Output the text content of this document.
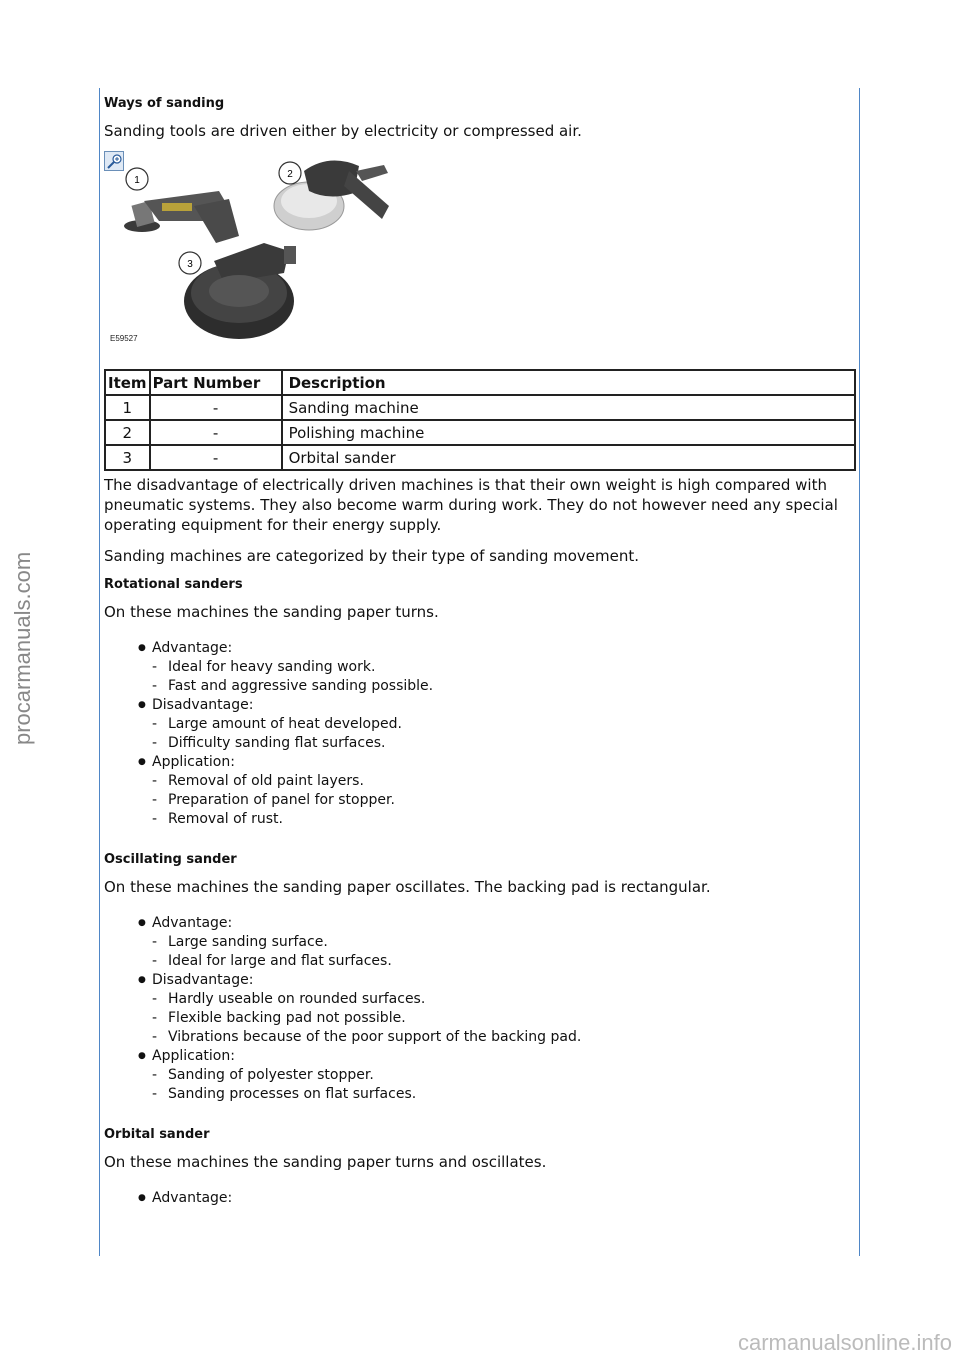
Ways of sanding
Sanding tools are driven either by electricity or compressed air.
1
2
3
E59527
Item	Part Number	Description
1	-	Sanding machine
2	-	Polishing machine
3	-	Orbital sander
The disadvantage of electrically driven machines is that their own weight is high compared with pneumatic systems. They also become warm during work. They do not however need any special operating equipment for their energy supply.
Sanding machines are categorized by their type of sanding movement.
Rotational sanders
On these machines the sanding paper turns.
● Advantage:
- Ideal for heavy sanding work.
- Fast and aggressive sanding possible.
● Disadvantage:
- Large amount of heat developed.
- Difficulty sanding flat surfaces.
● Application:
- Removal of old paint layers.
- Preparation of panel for stopper.
- Removal of rust.
Oscillating sander
On these machines the sanding paper oscillates. The backing pad is rectangular.
● Advantage:
- Large sanding surface.
- Ideal for large and flat surfaces.
● Disadvantage:
- Hardly useable on rounded surfaces.
- Flexible backing pad not possible.
- Vibrations because of the poor support of the backing pad.
● Application:
- Sanding of polyester stopper.
- Sanding processes on flat surfaces.
Orbital sander
On these machines the sanding paper turns and oscillates.
● Advantage:
procarmanuals.com
carmanualsonline.info
